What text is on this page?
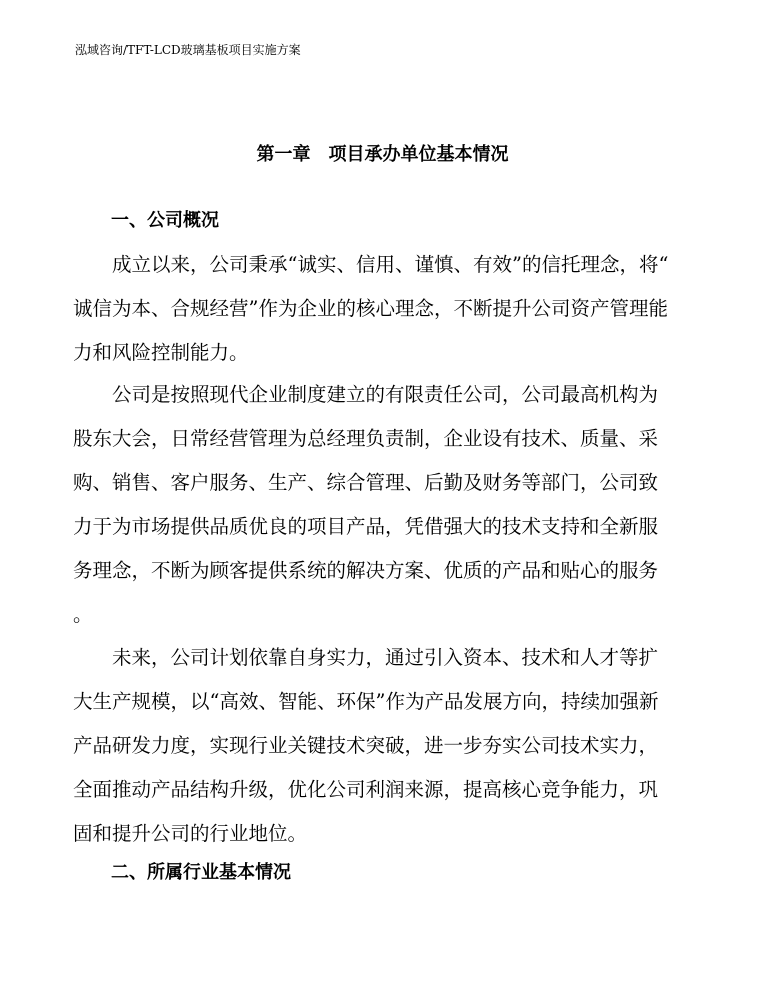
泓域咨询/TFT-LCD玻璃基板项目实施方案
第一章　项目承办单位基本情况
一、公司概况
成立以来，公司秉承“诚实、信用、谨慎、有效”的信托理念，将“
诚信为本、合规经营”作为企业的核心理念，不断提升公司资产管理能
力和风险控制能力。
公司是按照现代企业制度建立的有限责任公司，公司最高机构为
股东大会，日常经营管理为总经理负责制，企业设有技术、质量、采
购、销售、客户服务、生产、综合管理、后勤及财务等部门，公司致
力于为市场提供品质优良的项目产品，凭借强大的技术支持和全新服
务理念，不断为顾客提供系统的解决方案、优质的产品和贴心的服务
。
未来，公司计划依靠自身实力，通过引入资本、技术和人才等扩
大生产规模，以“高效、智能、环保”作为产品发展方向，持续加强新
产品研发力度，实现行业关键技术突破，进一步夯实公司技术实力，
全面推动产品结构升级，优化公司利润来源，提高核心竞争能力，巩
固和提升公司的行业地位。
二、所属行业基本情况
